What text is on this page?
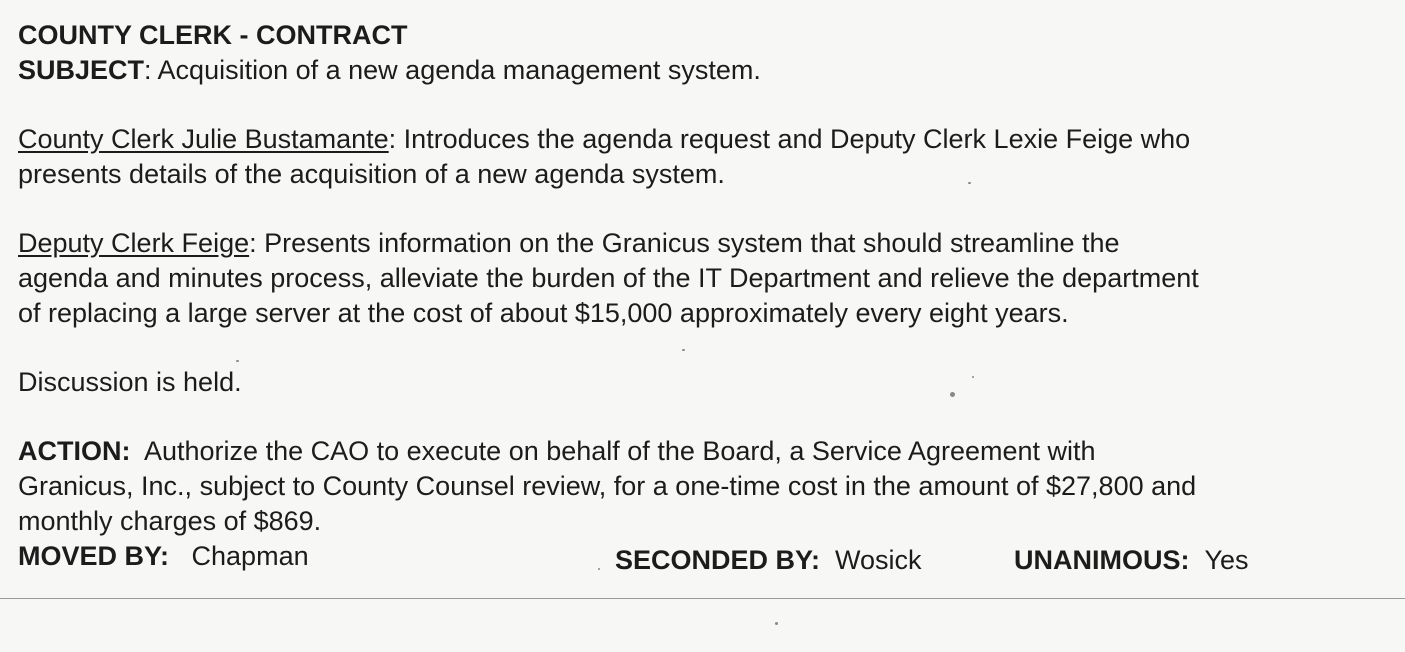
COUNTY CLERK - CONTRACT
SUBJECT: Acquisition of a new agenda management system.
County Clerk Julie Bustamante: Introduces the agenda request and Deputy Clerk Lexie Feige who
presents details of the acquisition of a new agenda system.
Deputy Clerk Feige: Presents information on the Granicus system that should streamline the
agenda and minutes process, alleviate the burden of the IT Department and relieve the department
of replacing a large server at the cost of about $15,000 approximately every eight years.
Discussion is held.
ACTION:  Authorize the CAO to execute on behalf of the Board, a Service Agreement with
Granicus, Inc., subject to County Counsel review, for a one-time cost in the amount of $27,800 and
monthly charges of $869.
MOVED BY: Chapman	SECONDED BY: Wosick	UNANIMOUS: Yes
